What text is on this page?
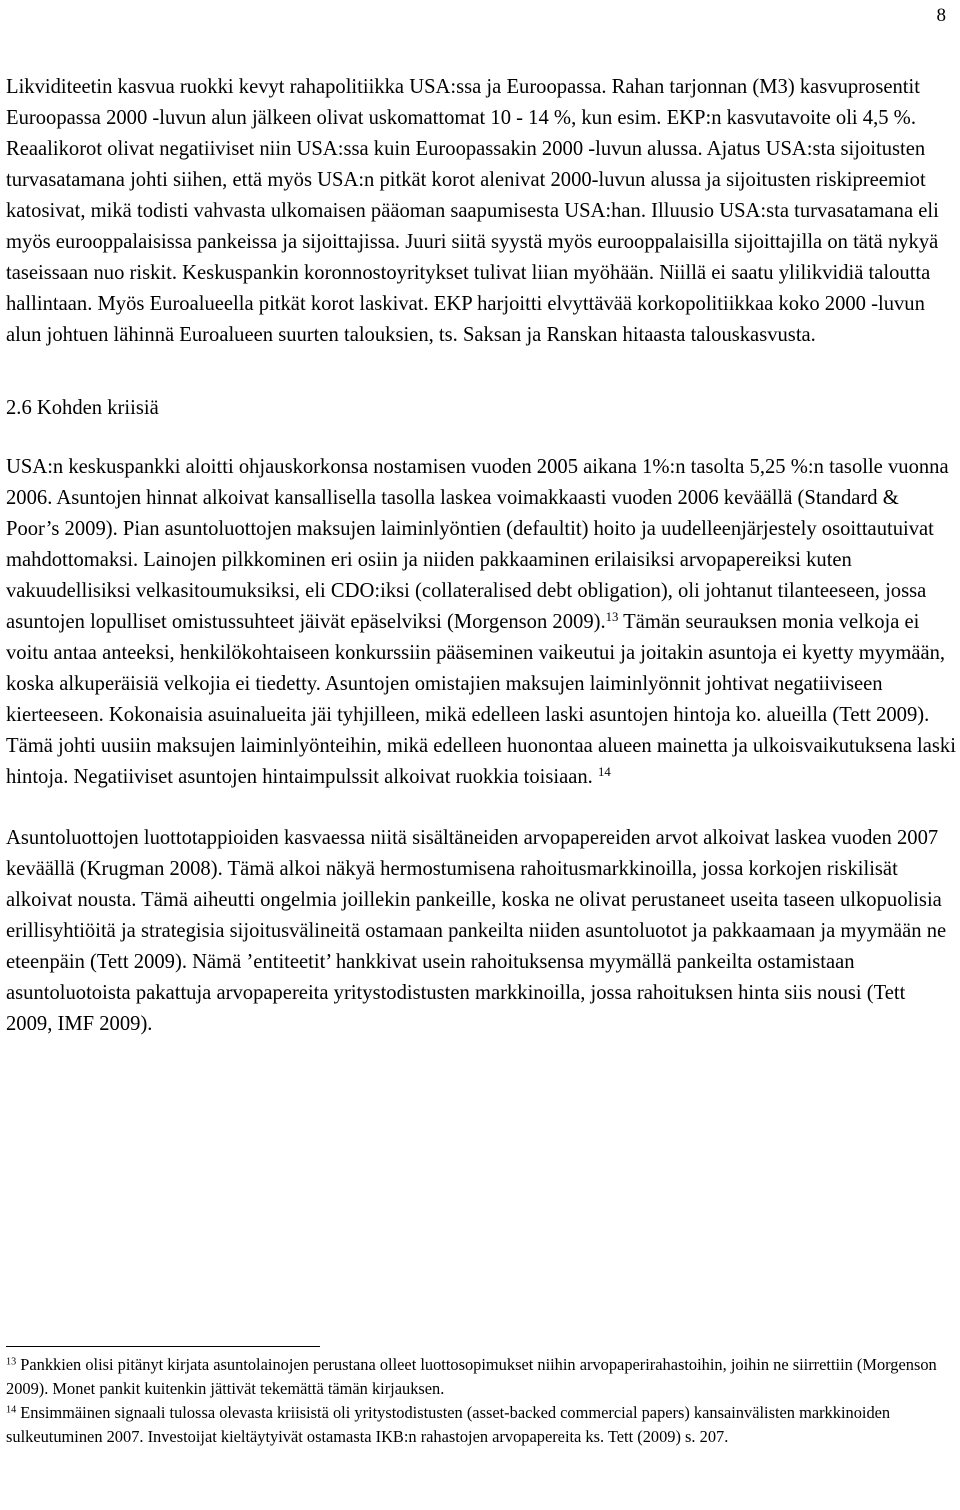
8

Likviditeetin kasvua ruokki kevyt rahapolitiikka USA:ssa ja Euroopassa. Rahan tarjonnan (M3) kasvuprosentit Euroopassa 2000 -luvun alun jälkeen olivat uskomattomat 10 - 14 %, kun esim. EKP:n kasvutavoite oli 4,5 %. Reaalikorot olivat negatiiviset niin USA:ssa kuin Euroopassakin 2000 -luvun alussa. Ajatus USA:sta sijoitusten turvasatamana johti siihen, että myös USA:n pitkät korot alenivat 2000-luvun alussa ja sijoitusten riskipreemiot katosivat, mikä todisti vahvasta ulkomaisen pääoman saapumisesta USA:han. Illuusio USA:sta turvasatamana eli myös eurooppalaisissa pankeissa ja sijoittajissa. Juuri siitä syystä myös eurooppalaisilla sijoittajilla on tätä nykyä taseissaan nuo riskit. Keskuspankin koronnostoyritykset tulivat liian myöhään. Niillä ei saatu ylilikvidiä taloutta hallintaan. Myös Euroalueella pitkät korot laskivat. EKP harjoitti elvyttävää korkopolitiikkaa koko 2000 -luvun alun johtuen lähinnä Euroalueen suurten talouksien, ts. Saksan ja Ranskan hitaasta talouskasvusta.

2.6 Kohden kriisiä

USA:n keskuspankki aloitti ohjauskorkonsa nostamisen vuoden 2005 aikana 1%:n tasolta 5,25 %:n tasolle vuonna 2006. Asuntojen hinnat alkoivat kansallisella tasolla laskea voimakkaasti vuoden 2006 keväällä (Standard & Poor’s 2009). Pian asuntoluottojen maksujen laiminlyöntien (defaultit) hoito ja uudelleenjärjestely osoittautuivat mahdottomaksi. Lainojen pilkkominen eri osiin ja niiden pakkaaminen erilaisiksi arvopapereiksi kuten vakuudellisiksi velkasitoumuksiksi, eli CDO:iksi (collateralised debt obligation), oli johtanut tilanteeseen, jossa asuntojen lopulliset omistussuhteet jäivät epäselviksi (Morgenson 2009).$^{13}$ Tämän seurauksen monia velkoja ei voitu antaa anteeksi, henkilökohtaiseen konkurssiin pääseminen vaikeutui ja joitakin asuntoja ei kyetty myymään, koska alkuperäisiä velkojia ei tiedetty. Asuntojen omistajien maksujen laiminlyönnit johtivat negatiiviseen kierteeseen. Kokonaisia asuinalueita jäi tyhjilleen, mikä edelleen laski asuntojen hintoja ko. alueilla (Tett 2009). Tämä johti uusiin maksujen laiminlyönteihin, mikä edelleen huonontaa alueen mainetta ja ulkoisvaikutuksena laski hintoja. Negatiiviset asuntojen hintaimpulssit alkoivat ruokkia toisiaan. $^{14}$

Asuntoluottojen luottotappioiden kasvaessa niitä sisältäneiden arvopapereiden arvot alkoivat laskea vuoden 2007 keväällä (Krugman 2008). Tämä alkoi näkyä hermostumisena rahoitusmarkkinoilla, jossa korkojen riskilisät alkoivat nousta. Tämä aiheutti ongelmia joillekin pankeille, koska ne olivat perustaneet useita taseen ulkopuolisia erillisyhtiöitä ja strategisia sijoitusvälineitä ostamaan pankeilta niiden asuntoluotot ja pakkaamaan ja myymään ne eteenpäin (Tett 2009). Nämä ’entiteetit’ hankkivat usein rahoituksensa myymällä pankeilta ostamistaan asuntoluotoista pakattuja arvopapereita yritystodistusten markkinoilla, jossa rahoituksen hinta siis nousi (Tett 2009, IMF 2009).

$^{13}$ Pankkien olisi pitänyt kirjata asuntolainojen perustana olleet luottosopimukset niihin arvopaperirahastoihin, joihin ne siirrettiin (Morgenson 2009). Monet pankit kuitenkin jättivät tekemättä tämän kirjauksen.

$^{14}$ Ensimmäinen signaali tulossa olevasta kriisistä oli yritystodistusten (asset-backed commercial papers) kansainvälisten markkinoiden sulkeutuminen 2007. Investoijat kieltäytyivät ostamasta IKB:n rahastojen arvopapereita ks. Tett (2009) s. 207.
